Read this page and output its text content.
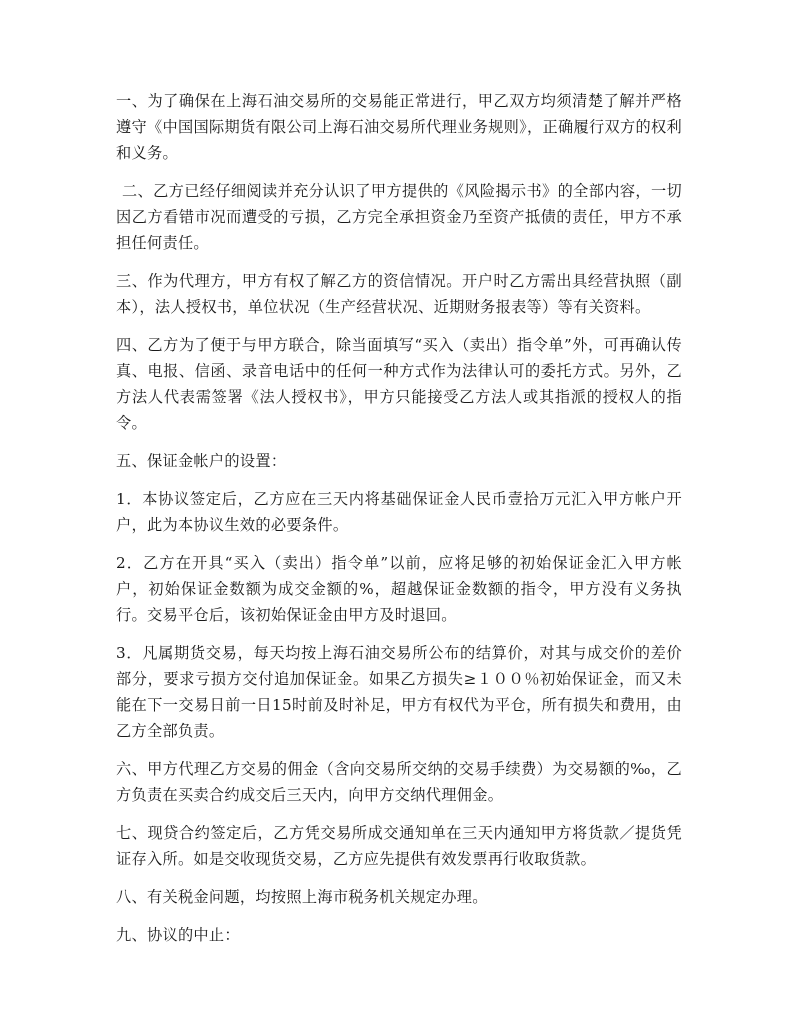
一、为了确保在上海石油交易所的交易能正常进行，甲乙双方均须清楚了解并严格遵守《中国国际期货有限公司上海石油交易所代理业务规则》，正确履行双方的权利和义务。

二、乙方已经仔细阅读并充分认识了甲方提供的《风险揭示书》的全部内容，一切因乙方看错市况而遭受的亏损，乙方完全承担资金乃至资产抵债的责任，甲方不承担任何责任。

三、作为代理方，甲方有权了解乙方的资信情况。开户时乙方需出具经营执照（副本），法人授权书，单位状况（生产经营状况、近期财务报表等）等有关资料。

四、乙方为了便于与甲方联合，除当面填写“买入（卖出）指令单”外，可再确认传真、电报、信函、录音电话中的任何一种方式作为法律认可的委托方式。另外，乙方法人代表需签署《法人授权书》，甲方只能接受乙方法人或其指派的授权人的指令。

五、保证金帐户的设置：

1．本协议签定后，乙方应在三天内将基础保证金人民币壹拾万元汇入甲方帐户开户，此为本协议生效的必要条件。

2．乙方在开具“买入（卖出）指令单”以前，应将足够的初始保证金汇入甲方帐户，初始保证金数额为成交金额的%，超越保证金数额的指令，甲方没有义务执行。交易平仓后，该初始保证金由甲方及时退回。

3．凡属期货交易，每天均按上海石油交易所公布的结算价，对其与成交价的差价部分，要求亏损方交付追加保证金。如果乙方损失≥１００％初始保证金，而又未能在下一交易日前一日15时前及时补足，甲方有权代为平仓，所有损失和费用，由乙方全部负责。

六、甲方代理乙方交易的佣金（含向交易所交纳的交易手续费）为交易额的‰，乙方负责在买卖合约成交后三天内，向甲方交纳代理佣金。

七、现贷合约签定后，乙方凭交易所成交通知单在三天内通知甲方将货款／提货凭证存入所。如是交收现货交易，乙方应先提供有效发票再行收取货款。

八、有关税金问题，均按照上海市税务机关规定办理。

九、协议的中止：
